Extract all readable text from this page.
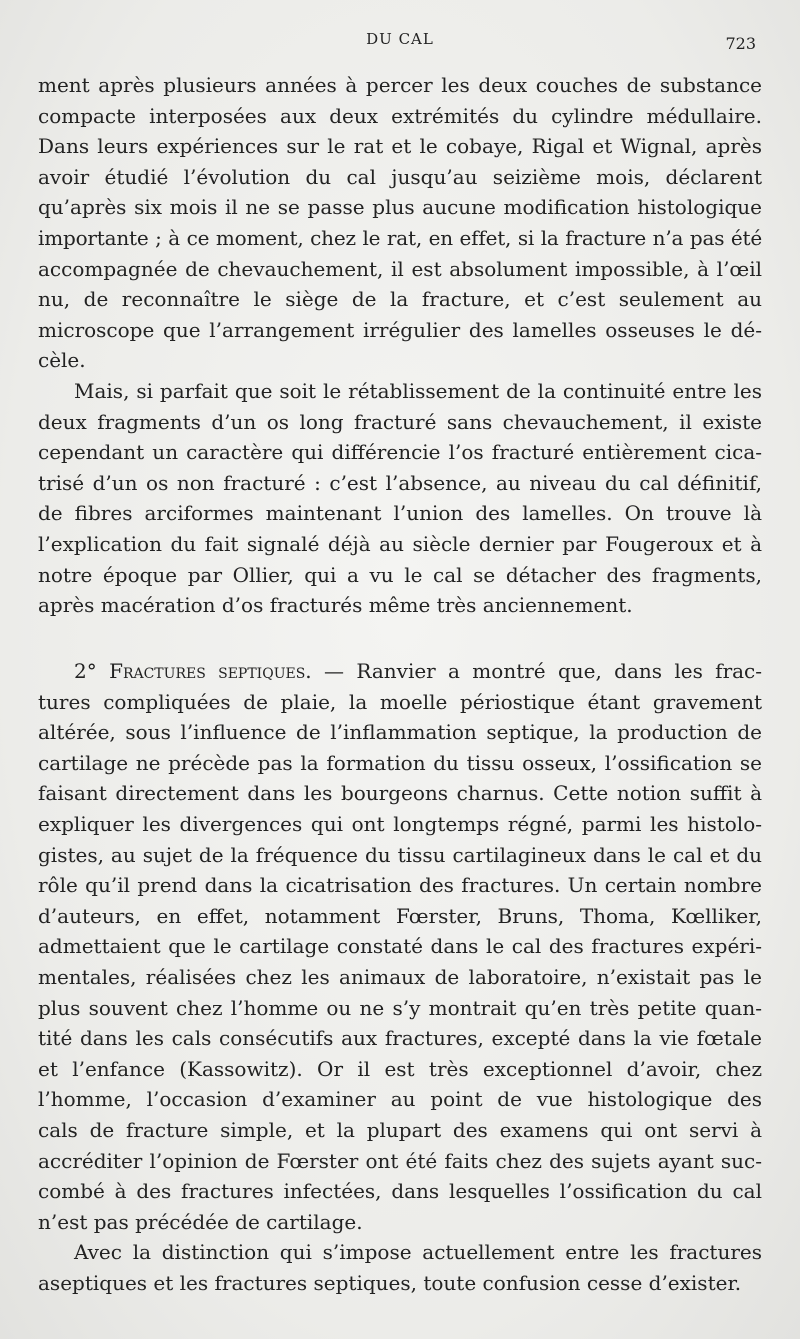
DU CAL	723
ment après plusieurs années à percer les deux couches de substance
compacte interposées aux deux extrémités du cylindre médullaire.
Dans leurs expériences sur le rat et le cobaye, Rigal et Wignal, après
avoir étudié l’évolution du cal jusqu’au seizième mois, déclarent
qu’après six mois il ne se passe plus aucune modification histologique
importante ; à ce moment, chez le rat, en effet, si la fracture n’a pas été
accompagnée de chevauchement, il est absolument impossible, à l’œil
nu, de reconnaître le siège de la fracture, et c’est seulement au
microscope que l’arrangement irrégulier des lamelles osseuses le dé-
cèle.
Mais, si parfait que soit le rétablissement de la continuité entre les
deux fragments d’un os long fracturé sans chevauchement, il existe
cependant un caractère qui différencie l’os fracturé entièrement cica-
trisé d’un os non fracturé : c’est l’absence, au niveau du cal définitif,
de fibres arciformes maintenant l’union des lamelles. On trouve là
l’explication du fait signalé déjà au siècle dernier par Fougeroux et à
notre époque par Ollier, qui a vu le cal se détacher des fragments,
après macération d’os fracturés même très anciennement.
2° Fractures septiques. — Ranvier a montré que, dans les frac-
tures compliquées de plaie, la moelle périostique étant gravement
altérée, sous l’influence de l’inflammation septique, la production de
cartilage ne précède pas la formation du tissu osseux, l’ossification se
faisant directement dans les bourgeons charnus. Cette notion suffit à
expliquer les divergences qui ont longtemps régné, parmi les histolo-
gistes, au sujet de la fréquence du tissu cartilagineux dans le cal et du
rôle qu’il prend dans la cicatrisation des fractures. Un certain nombre
d’auteurs, en effet, notamment Fœrster, Bruns, Thoma, Kœlliker,
admettaient que le cartilage constaté dans le cal des fractures expéri-
mentales, réalisées chez les animaux de laboratoire, n’existait pas le
plus souvent chez l’homme ou ne s’y montrait qu’en très petite quan-
tité dans les cals consécutifs aux fractures, excepté dans la vie fœtale
et l’enfance (Kassowitz). Or il est très exceptionnel d’avoir, chez
l’homme, l’occasion d’examiner au point de vue histologique des
cals de fracture simple, et la plupart des examens qui ont servi à
accréditer l’opinion de Fœrster ont été faits chez des sujets ayant suc-
combé à des fractures infectées, dans lesquelles l’ossification du cal
n’est pas précédée de cartilage.
Avec la distinction qui s’impose actuellement entre les fractures
aseptiques et les fractures septiques, toute confusion cesse d’exister.
